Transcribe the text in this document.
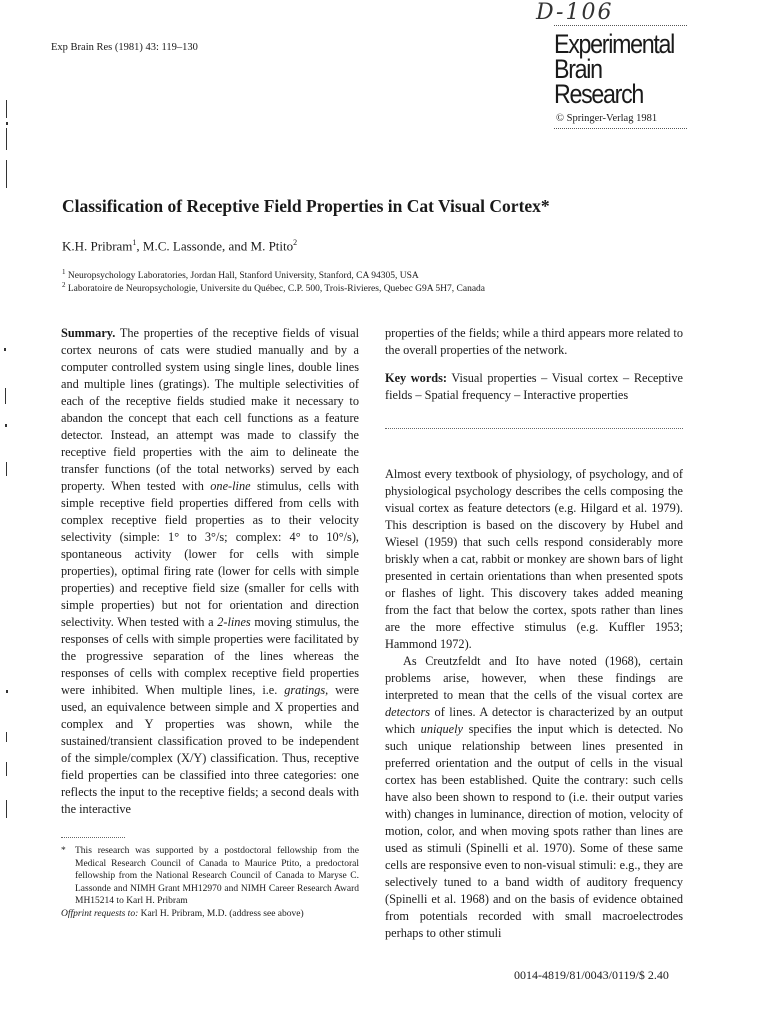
D-106
Exp Brain Res (1981) 43: 119–130	Experimental
Brain Research
© Springer-Verlag 1981
Classification of Receptive Field Properties in Cat Visual Cortex*
K.H. Pribram$^1$, M.C. Lassonde, and M. Ptito$^2$
$^1$ Neuropsychology Laboratories, Jordan Hall, Stanford University, Stanford, CA 94305, USA
$^2$ Laboratoire de Neuropsychologie, Universite du Québec, C.P. 500, Trois-Rivieres, Quebec G9A 5H7, Canada

Summary. The properties of the receptive fields of visual cortex neurons of cats were studied manually and by a computer controlled system using single lines, double lines and multiple lines (gratings). The multiple selectivities of each of the receptive fields studied make it necessary to abandon the concept that each cell functions as a feature detector. Instead, an attempt was made to classify the receptive field properties with the aim to delineate the transfer functions (of the total networks) served by each property. When tested with one-line stimulus, cells with simple receptive field properties differed from cells with complex receptive field properties as to their velocity selectivity (simple: 1° to 3°/s; complex: 4° to 10°/s), spontaneous activity (lower for cells with simple properties), optimal firing rate (lower for cells with simple properties) and receptive field size (smaller for cells with simple properties) but not for orientation and direction selectivity. When tested with a 2-lines moving stimulus, the responses of cells with simple properties were facilitated by the progressive separation of the lines whereas the responses of cells with complex receptive field properties were inhibited. When multiple lines, i.e. gratings, were used, an equivalence between simple and X properties and complex and Y properties was shown, while the sustained/transient classification proved to be independent of the simple/complex (X/Y) classification. Thus, receptive field properties can be classified into three categories: one reflects the input to the receptive fields; a second deals with the interactive

* This research was supported by a postdoctoral fellowship from the Medical Research Council of Canada to Maurice Ptito, a predoctoral fellowship from the National Research Council of Canada to Maryse C. Lassonde and NIMH Grant MH12970 and NIMH Career Research Award MH15214 to Karl H. Pribram
Offprint requests to: Karl H. Pribram, M.D. (address see above)

properties of the fields; while a third appears more related to the overall properties of the network.

Key words: Visual properties – Visual cortex – Receptive fields – Spatial frequency – Interactive properties

Almost every textbook of physiology, of psychology, and of physiological psychology describes the cells composing the visual cortex as feature detectors (e.g. Hilgard et al. 1979). This description is based on the discovery by Hubel and Wiesel (1959) that such cells respond considerably more briskly when a cat, rabbit or monkey are shown bars of light presented in certain orientations than when presented spots or flashes of light. This discovery takes added meaning from the fact that below the cortex, spots rather than lines are the more effective stimulus (e.g. Kuffler 1953; Hammond 1972).

As Creutzfeldt and Ito have noted (1968), certain problems arise, however, when these findings are interpreted to mean that the cells of the visual cortex are detectors of lines. A detector is characterized by an output which uniquely specifies the input which is detected. No such unique relationship between lines presented in preferred orientation and the output of cells in the visual cortex has been established. Quite the contrary: such cells have also been shown to respond to (i.e. their output varies with) changes in luminance, direction of motion, velocity of motion, color, and when moving spots rather than lines are used as stimuli (Spinelli et al. 1970). Some of these same cells are responsive even to non-visual stimuli: e.g., they are selectively tuned to a band width of auditory frequency (Spinelli et al. 1968) and on the basis of evidence obtained from potentials recorded with small macroelectrodes perhaps to other stimuli

0014-4819/81/0043/0119/$ 2.40
